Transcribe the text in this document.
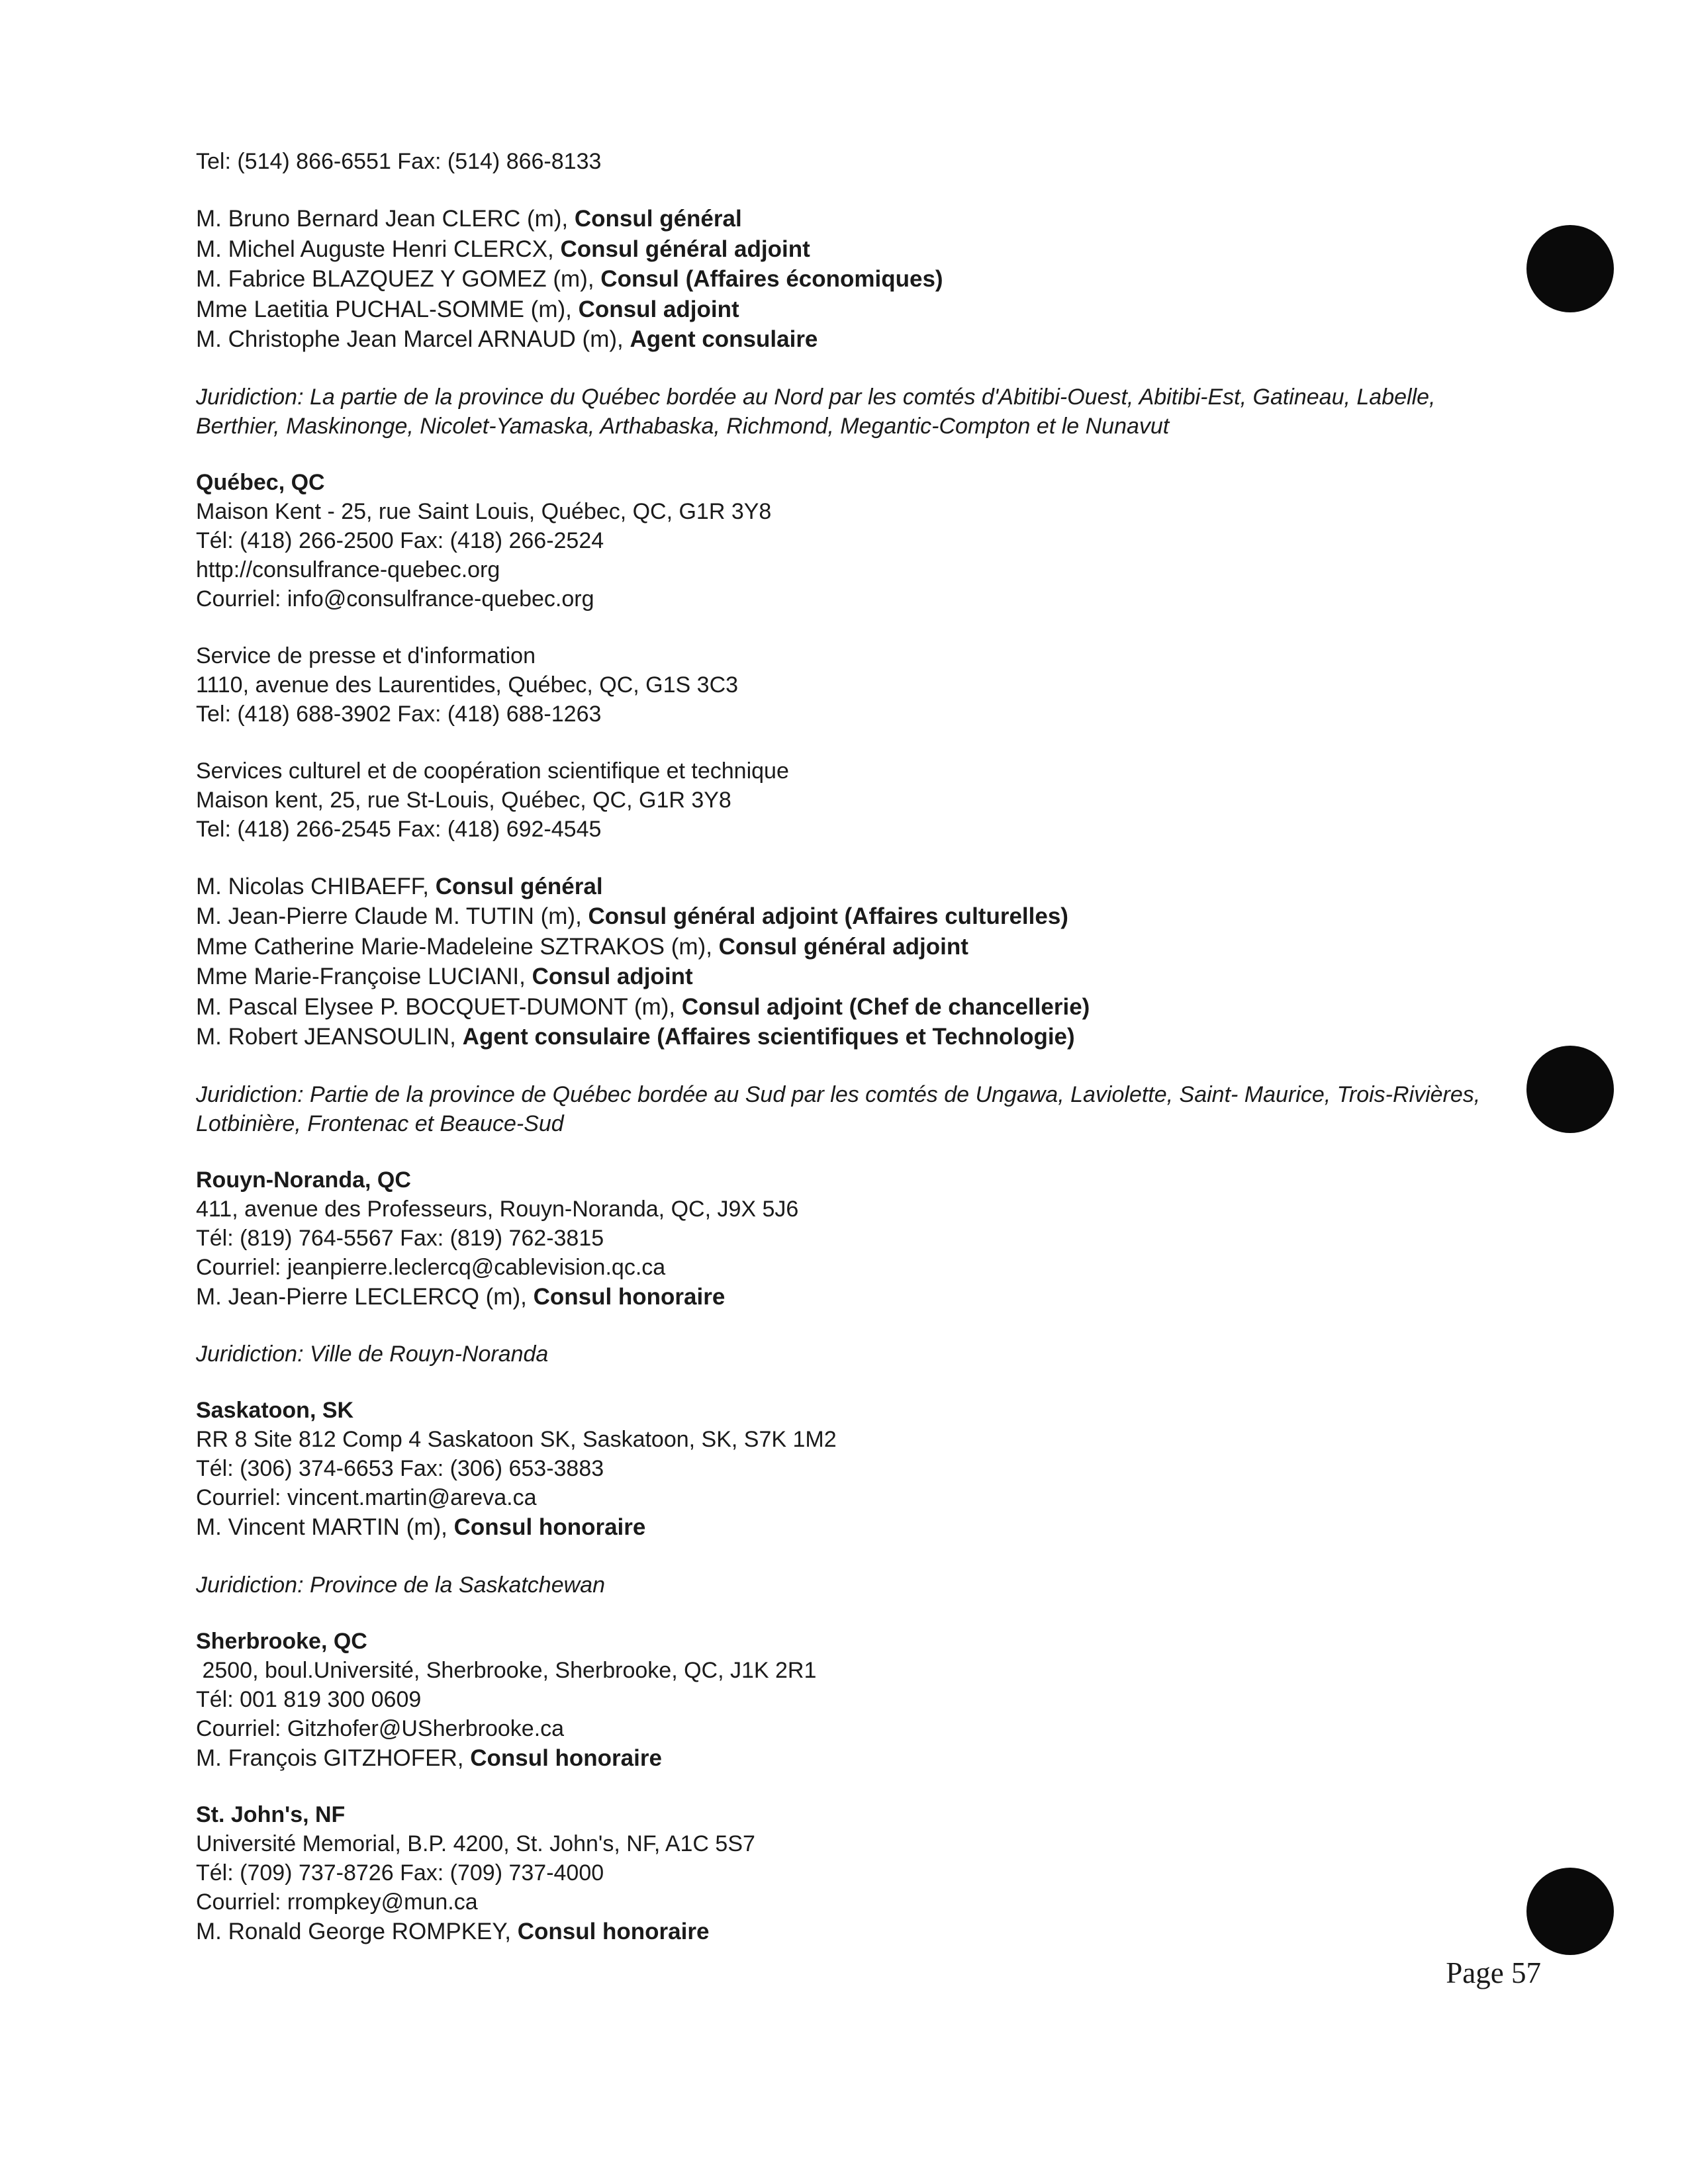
Tel: (514) 866-6551 Fax: (514) 866-8133
M. Bruno Bernard Jean CLERC (m), Consul général
M. Michel Auguste Henri CLERCX, Consul général adjoint
M. Fabrice BLAZQUEZ Y GOMEZ (m), Consul (Affaires économiques)
Mme Laetitia PUCHAL-SOMME (m), Consul adjoint
M. Christophe Jean Marcel ARNAUD (m), Agent consulaire
Juridiction: La partie de la province du Québec bordée au Nord par les comtés d'Abitibi-Ouest, Abitibi-Est, Gatineau, Labelle, Berthier, Maskinonge, Nicolet-Yamaska, Arthabaska, Richmond, Megantic-Compton et le Nunavut
Québec, QC
Maison Kent - 25, rue Saint Louis, Québec, QC, G1R 3Y8
Tél: (418) 266-2500 Fax: (418) 266-2524
http://consulfrance-quebec.org
Courriel: info@consulfrance-quebec.org
Service de presse et d'information
1110, avenue des Laurentides, Québec, QC, G1S 3C3
Tel: (418) 688-3902 Fax: (418) 688-1263
Services culturel et de coopération scientifique et technique
Maison kent, 25, rue St-Louis, Québec, QC, G1R 3Y8
Tel: (418) 266-2545 Fax: (418) 692-4545
M. Nicolas CHIBAEFF, Consul général
M. Jean-Pierre Claude M. TUTIN (m), Consul général adjoint (Affaires culturelles)
Mme Catherine Marie-Madeleine SZTRAKOS (m), Consul général adjoint
Mme Marie-Françoise LUCIANI, Consul adjoint
M. Pascal Elysee P. BOCQUET-DUMONT (m), Consul adjoint (Chef de chancellerie)
M. Robert JEANSOULIN, Agent consulaire (Affaires scientifiques et Technologie)
Juridiction: Partie de la province de Québec bordée au Sud par les comtés de Ungawa, Laviolette, Saint- Maurice, Trois-Rivières, Lotbinière, Frontenac et Beauce-Sud
Rouyn-Noranda, QC
411, avenue des Professeurs, Rouyn-Noranda, QC, J9X 5J6
Tél: (819) 764-5567 Fax: (819) 762-3815
Courriel: jeanpierre.leclercq@cablevision.qc.ca
M. Jean-Pierre LECLERCQ (m), Consul honoraire
Juridiction: Ville de Rouyn-Noranda
Saskatoon, SK
RR 8 Site 812 Comp 4 Saskatoon SK, Saskatoon, SK, S7K 1M2
Tél: (306) 374-6653 Fax: (306) 653-3883
Courriel: vincent.martin@areva.ca
M. Vincent MARTIN (m), Consul honoraire
Juridiction: Province de la Saskatchewan
Sherbrooke, QC
2500, boul.Université, Sherbrooke, Sherbrooke, QC, J1K 2R1
Tél: 001 819 300 0609
Courriel: Gitzhofer@USherbrooke.ca
M. François GITZHOFER, Consul honoraire
St. John's, NF
Université Memorial, B.P. 4200, St. John's, NF, A1C 5S7
Tél: (709) 737-8726 Fax: (709) 737-4000
Courriel: rrompkey@mun.ca
M. Ronald George ROMPKEY, Consul honoraire
Page 57
